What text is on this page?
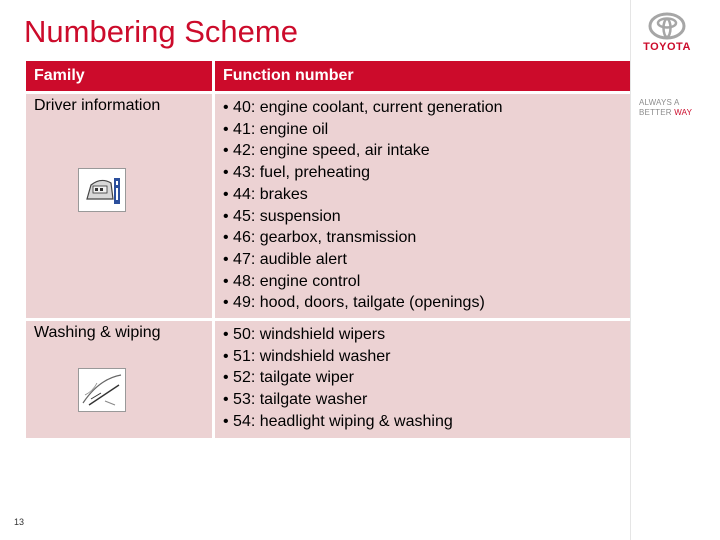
Numbering Scheme	TOYOTA
ALWAYS A
BETTER WAY
Family	Function number
Driver information	• 40: engine coolant, current generation
• 41: engine oil
• 42: engine speed, air intake
• 43: fuel, preheating
• 44: brakes
• 45: suspension
• 46: gearbox, transmission
• 47: audible alert
• 48: engine control
• 49: hood, doors, tailgate (openings)
Washing & wiping	• 50: windshield wipers
• 51: windshield washer
• 52: tailgate wiper
• 53: tailgate washer
• 54: headlight wiping & washing
13
